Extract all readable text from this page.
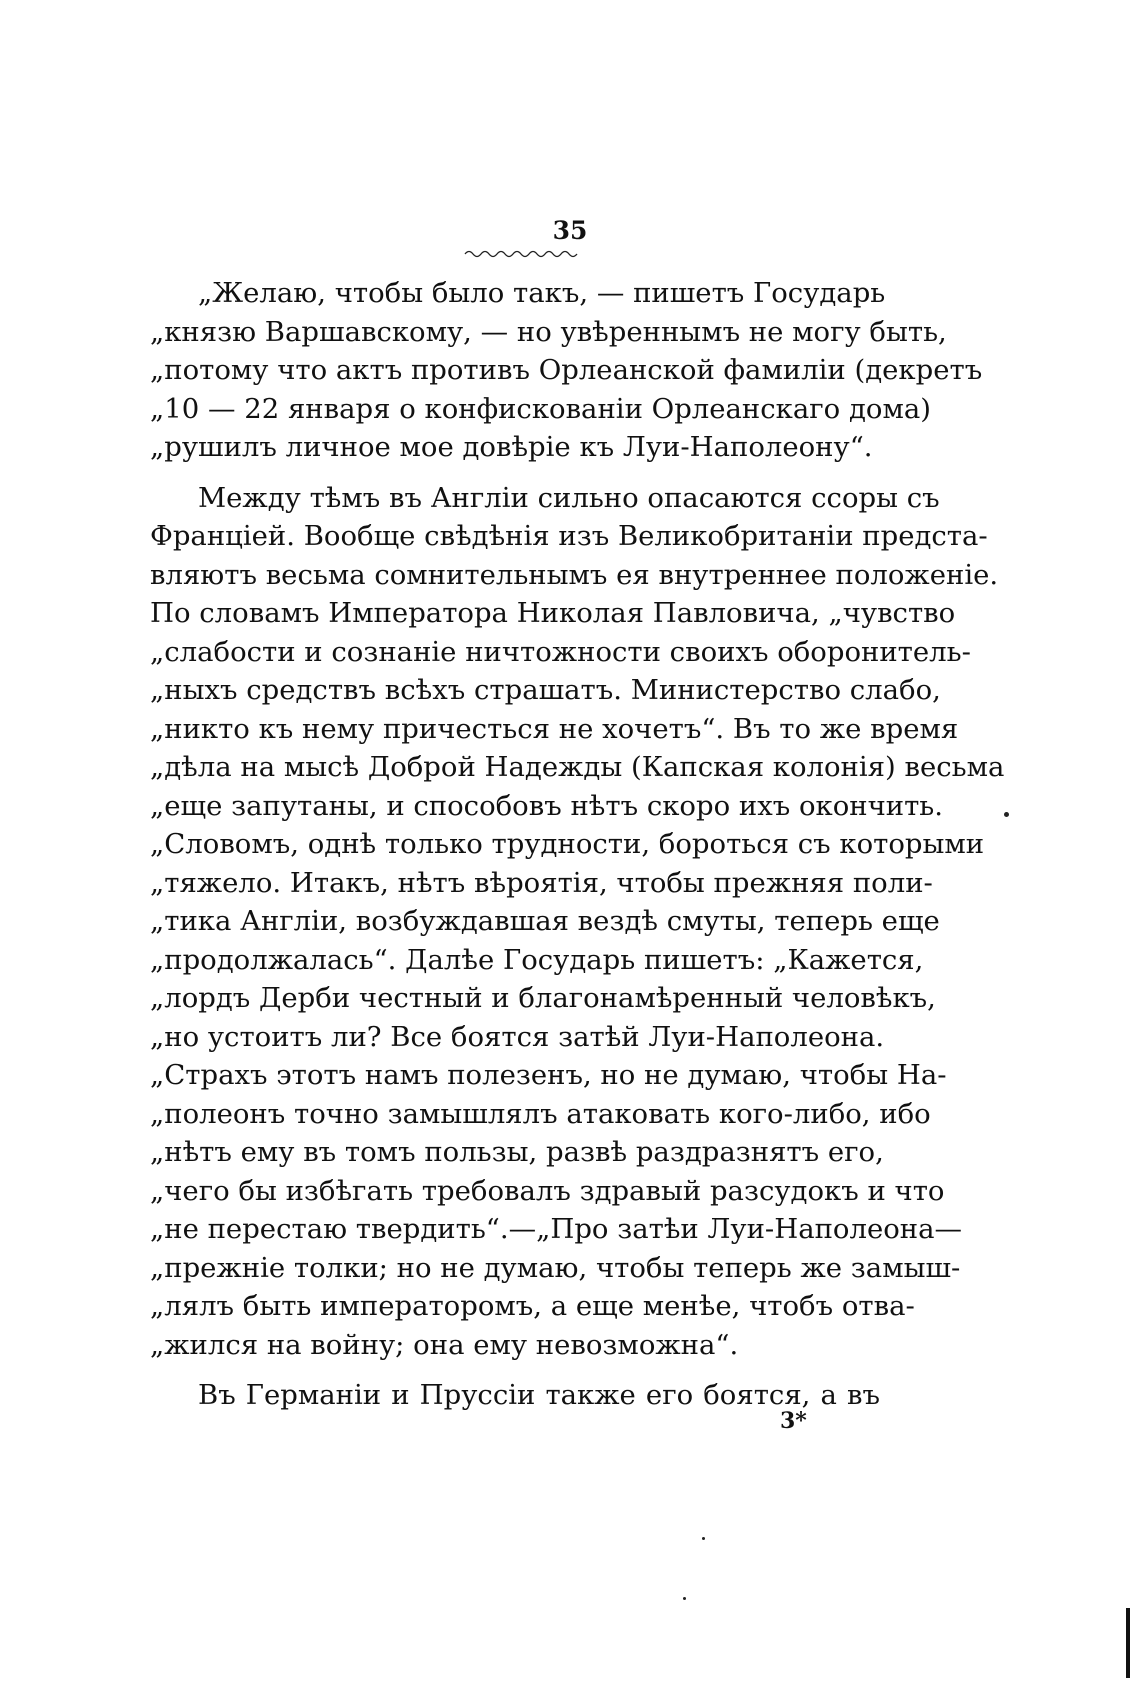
35
„Желаю, чтобы было такъ, — пишетъ Государь
„князю Варшавскому, — но увѣреннымъ не могу быть,
„потому что актъ противъ Орлеанской фамиліи (декретъ
„10 — 22 января о конфискованіи Орлеанскаго дома)
„рушилъ личное мое довѣріе къ Луи-Наполеону“.
Между тѣмъ въ Англіи сильно опасаются ссоры съ
Франціей. Вообще свѣдѣнія изъ Великобританіи предста-
вляютъ весьма сомнительнымъ ея внутреннее положеніе.
По словамъ Императора Николая Павловича, „чувство
„слабости и сознаніе ничтожности своихъ оборонитель-
„ныхъ средствъ всѣхъ страшатъ. Министерство слабо,
„никто къ нему причесться не хочетъ“. Въ то же время
„дѣла на мысѣ Доброй Надежды (Капская колонія) весьма
„еще запутаны, и способовъ нѣтъ скоро ихъ окончить.
„Словомъ, однѣ только трудности, бороться съ которыми
„тяжело. Итакъ, нѣтъ вѣроятія, чтобы прежняя поли-
„тика Англіи, возбуждавшая вездѣ смуты, теперь еще
„продолжалась“. Далѣе Государь пишетъ: „Кажется,
„лордъ Дерби честный и благонамѣренный человѣкъ,
„но устоитъ ли? Все боятся затѣй Луи-Наполеона.
„Страхъ этотъ намъ полезенъ, но не думаю, чтобы На-
„полеонъ точно замышлялъ атаковать кого-либо, ибо
„нѣтъ ему въ томъ пользы, развѣ раздразнятъ его,
„чего бы избѣгать требовалъ здравый разсудокъ и что
„не перестаю твердить“.—„Про затѣи Луи-Наполеона—
„прежніе толки; но не думаю, чтобы теперь же замыш-
„лялъ быть императоромъ, а еще менѣе, чтобъ отва-
„жился на войну; она ему невозможна“.
Въ Германіи и Пруссіи также его боятся, а въ
3*
